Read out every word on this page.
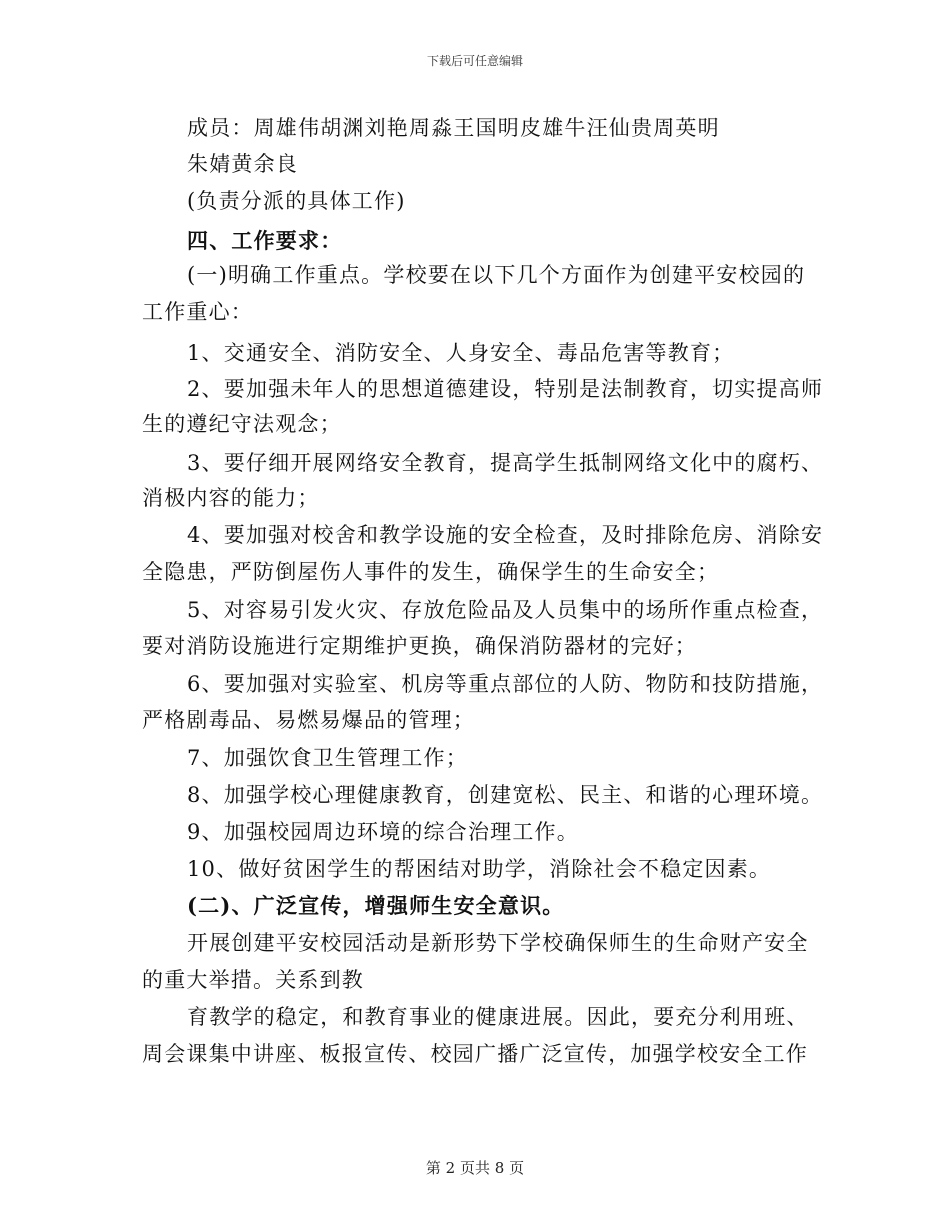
下载后可任意编辑
成员：周雄伟胡渊刘艳周淼王国明皮雄牛汪仙贵周英明
朱婧黄余良
(负责分派的具体工作)
四、工作要求：
(一)明确工作重点。学校要在以下几个方面作为创建平安校园的
工作重心：
1、交通安全、消防安全、人身安全、毒品危害等教育；
2、要加强未年人的思想道德建设，特别是法制教育，切实提高师
生的遵纪守法观念；
3、要仔细开展网络安全教育，提高学生抵制网络文化中的腐朽、
消极内容的能力；
4、要加强对校舍和教学设施的安全检查，及时排除危房、消除安
全隐患，严防倒屋伤人事件的发生，确保学生的生命安全；
5、对容易引发火灾、存放危险品及人员集中的场所作重点检查，
要对消防设施进行定期维护更换，确保消防器材的完好；
6、要加强对实验室、机房等重点部位的人防、物防和技防措施，
严格剧毒品、易燃易爆品的管理；
7、加强饮食卫生管理工作；
8、加强学校心理健康教育，创建宽松、民主、和谐的心理环境。
9、加强校园周边环境的综合治理工作。
10、做好贫困学生的帮困结对助学，消除社会不稳定因素。
(二)、广泛宣传，增强师生安全意识。
开展创建平安校园活动是新形势下学校确保师生的生命财产安全
的重大举措。关系到教
育教学的稳定，和教育事业的健康进展。因此，要充分利用班、
周会课集中讲座、板报宣传、校园广播广泛宣传，加强学校安全工作
第 2 页共 8 页
